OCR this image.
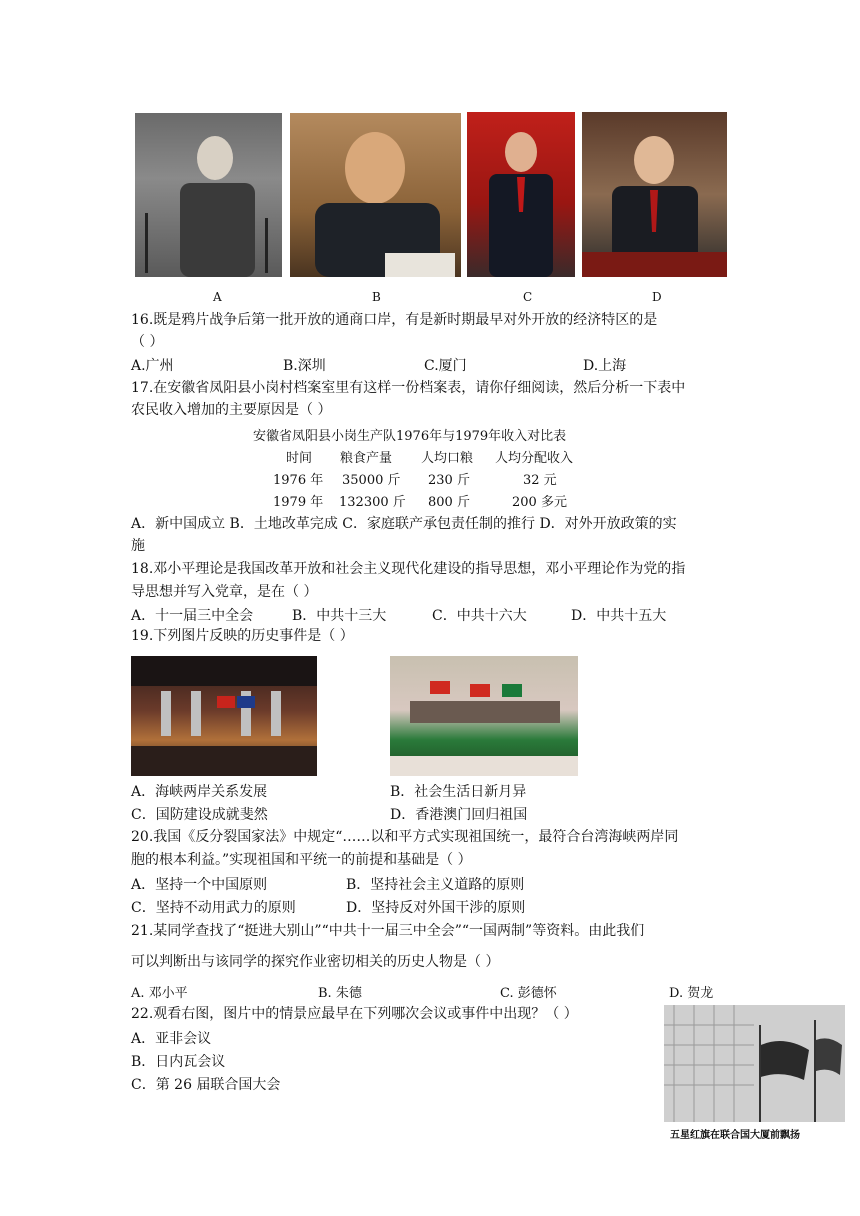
A	B	C	D
16.既是鸦片战争后第一批开放的通商口岸，有是新时期最早对外开放的经济特区的是
（ ）
A.广州	B.深圳	C.厦门	D.上海
17.在安徽省凤阳县小岗村档案室里有这样一份档案表，请你仔细阅读，然后分析一下表中
农民收入增加的主要原因是（ ）
安徽省凤阳县小岗生产队1976年与1979年收入对比表
时间 粮食产量 人均口粮 人均分配收入
1976 年 35000 斤 230 斤	32 元
1979 年 132300 斤 800 斤	200 多元
A．新中国成立 B．土地改革完成 C．家庭联产承包责任制的推行 D．对外开放政策的实
施
18.邓小平理论是我国改革开放和社会主义现代化建设的指导思想，邓小平理论作为党的指
导思想并写入党章，是在（ ）
A．十一届三中全会	B．中共十三大	C．中共十六大	D．中共十五大
19.下列图片反映的历史事件是（ ）
A．海峡两岸关系发展	B．社会生活日新月异
C．国防建设成就斐然	D．香港澳门回归祖国
20.我国《反分裂国家法》中规定“……以和平方式实现祖国统一，最符合台湾海峡两岸同
胞的根本利益。”实现祖国和平统一的前提和基础是（ ）
A．坚持一个中国原则	B．坚持社会主义道路的原则
C．坚持不动用武力的原则	D．坚持反对外国干涉的原则
21.某同学查找了“挺进大别山”“中共十一届三中全会”“一国两制”等资料。由此我们
可以判断出与该同学的探究作业密切相关的历史人物是（ ）
A. 邓小平	B. 朱德	C. 彭德怀	D. 贺龙
22.观看右图，图片中的情景应最早在下列哪次会议或事件中出现？（ ）
A．亚非会议
B．日内瓦会议
C．第 26 届联合国大会
五星红旗在联合国大厦前飘扬
